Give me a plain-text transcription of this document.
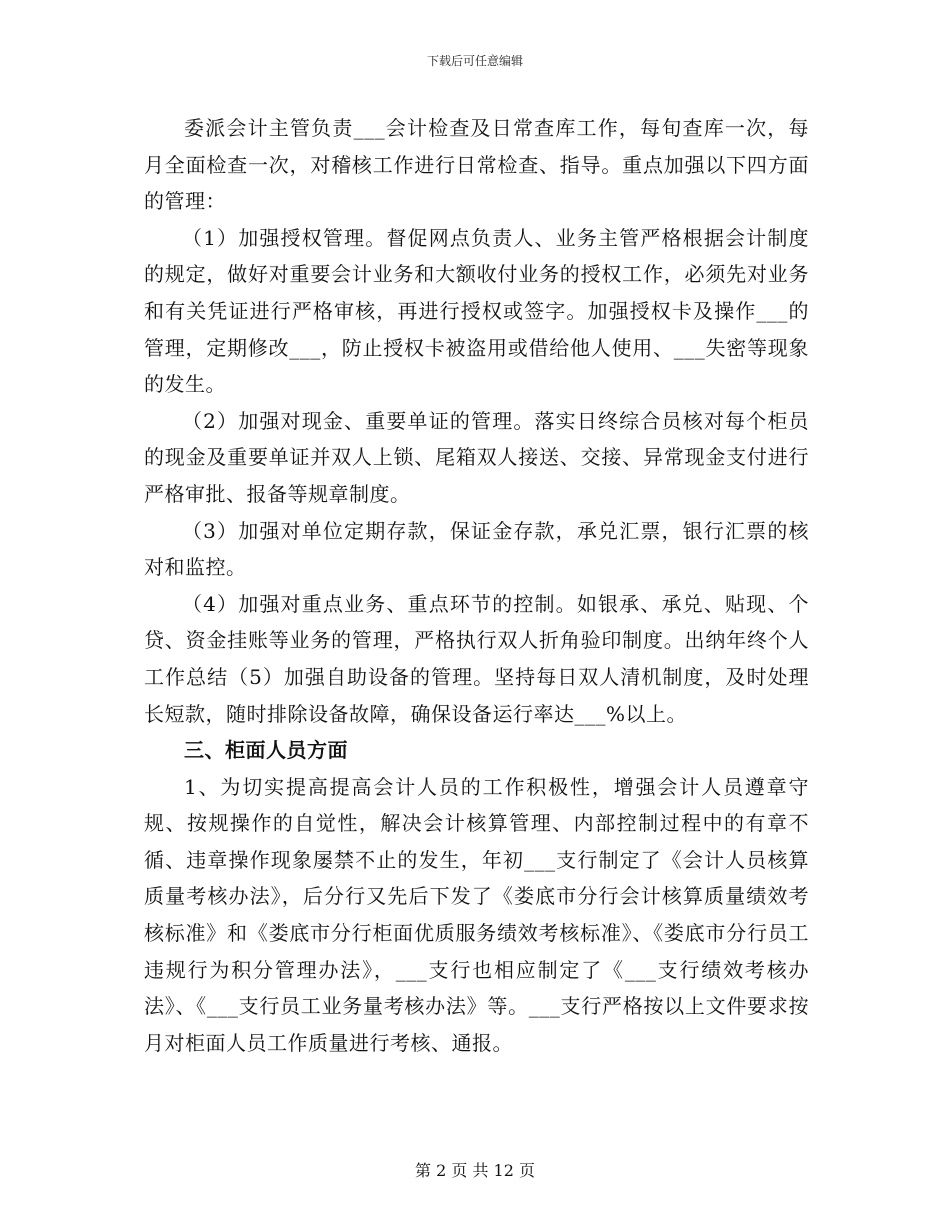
下载后可任意编辑

委派会计主管负责___会计检查及日常查库工作，每旬查库一次，每月全面检查一次，对稽核工作进行日常检查、指导。重点加强以下四方面的管理：

（1）加强授权管理。督促网点负责人、业务主管严格根据会计制度的规定，做好对重要会计业务和大额收付业务的授权工作，必须先对业务和有关凭证进行严格审核，再进行授权或签字。加强授权卡及操作___的管理，定期修改___，防止授权卡被盗用或借给他人使用、___失密等现象的发生。

（2）加强对现金、重要单证的管理。落实日终综合员核对每个柜员的现金及重要单证并双人上锁、尾箱双人接送、交接、异常现金支付进行严格审批、报备等规章制度。

（3）加强对单位定期存款，保证金存款，承兑汇票，银行汇票的核对和监控。

（4）加强对重点业务、重点环节的控制。如银承、承兑、贴现、个贷、资金挂账等业务的管理，严格执行双人折角验印制度。出纳年终个人工作总结（5）加强自助设备的管理。坚持每日双人清机制度，及时处理长短款，随时排除设备故障，确保设备运行率达___%以上。

三、柜面人员方面

1、为切实提高提高会计人员的工作积极性，增强会计人员遵章守规、按规操作的自觉性，解决会计核算管理、内部控制过程中的有章不循、违章操作现象屡禁不止的发生，年初___支行制定了《会计人员核算质量考核办法》，后分行又先后下发了《娄底市分行会计核算质量绩效考核标准》和《娄底市分行柜面优质服务绩效考核标准》、《娄底市分行员工违规行为积分管理办法》，___支行也相应制定了《___支行绩效考核办法》、《___支行员工业务量考核办法》等。___支行严格按以上文件要求按月对柜面人员工作质量进行考核、通报。

第 2 页 共 12 页
